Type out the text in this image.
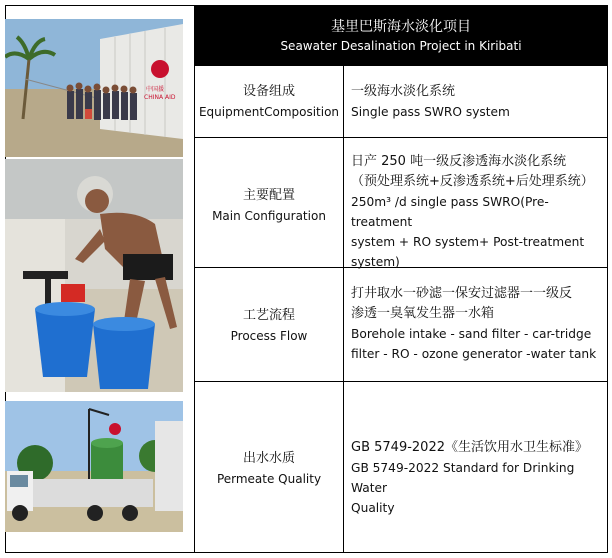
基里巴斯海水淡化项目
Seawater Desalination Project in Kiribati
设备组成
EquipmentComposition
一级海水淡化系统
Single pass SWRO system
主要配置
Main Configuration
日产 250 吨一级反渗透海水淡化系统
（预处理系统+反渗透系统+后处理系统）
250m³ /d single pass SWRO(Pre-treatment
system + RO system+ Post-treatment
system)
工艺流程
Process Flow
打井取水一砂滤一保安过滤器一一级反
渗透一臭氧发生器一水箱
Borehole intake - sand filter - car-tridge
filter - RO - ozone generator -water tank
出水水质
Permeate Quality
GB 5749-2022《生活饮用水卫生标准》
GB 5749-2022 Standard for Drinking Water
Quality
中国援
CHINA AID
